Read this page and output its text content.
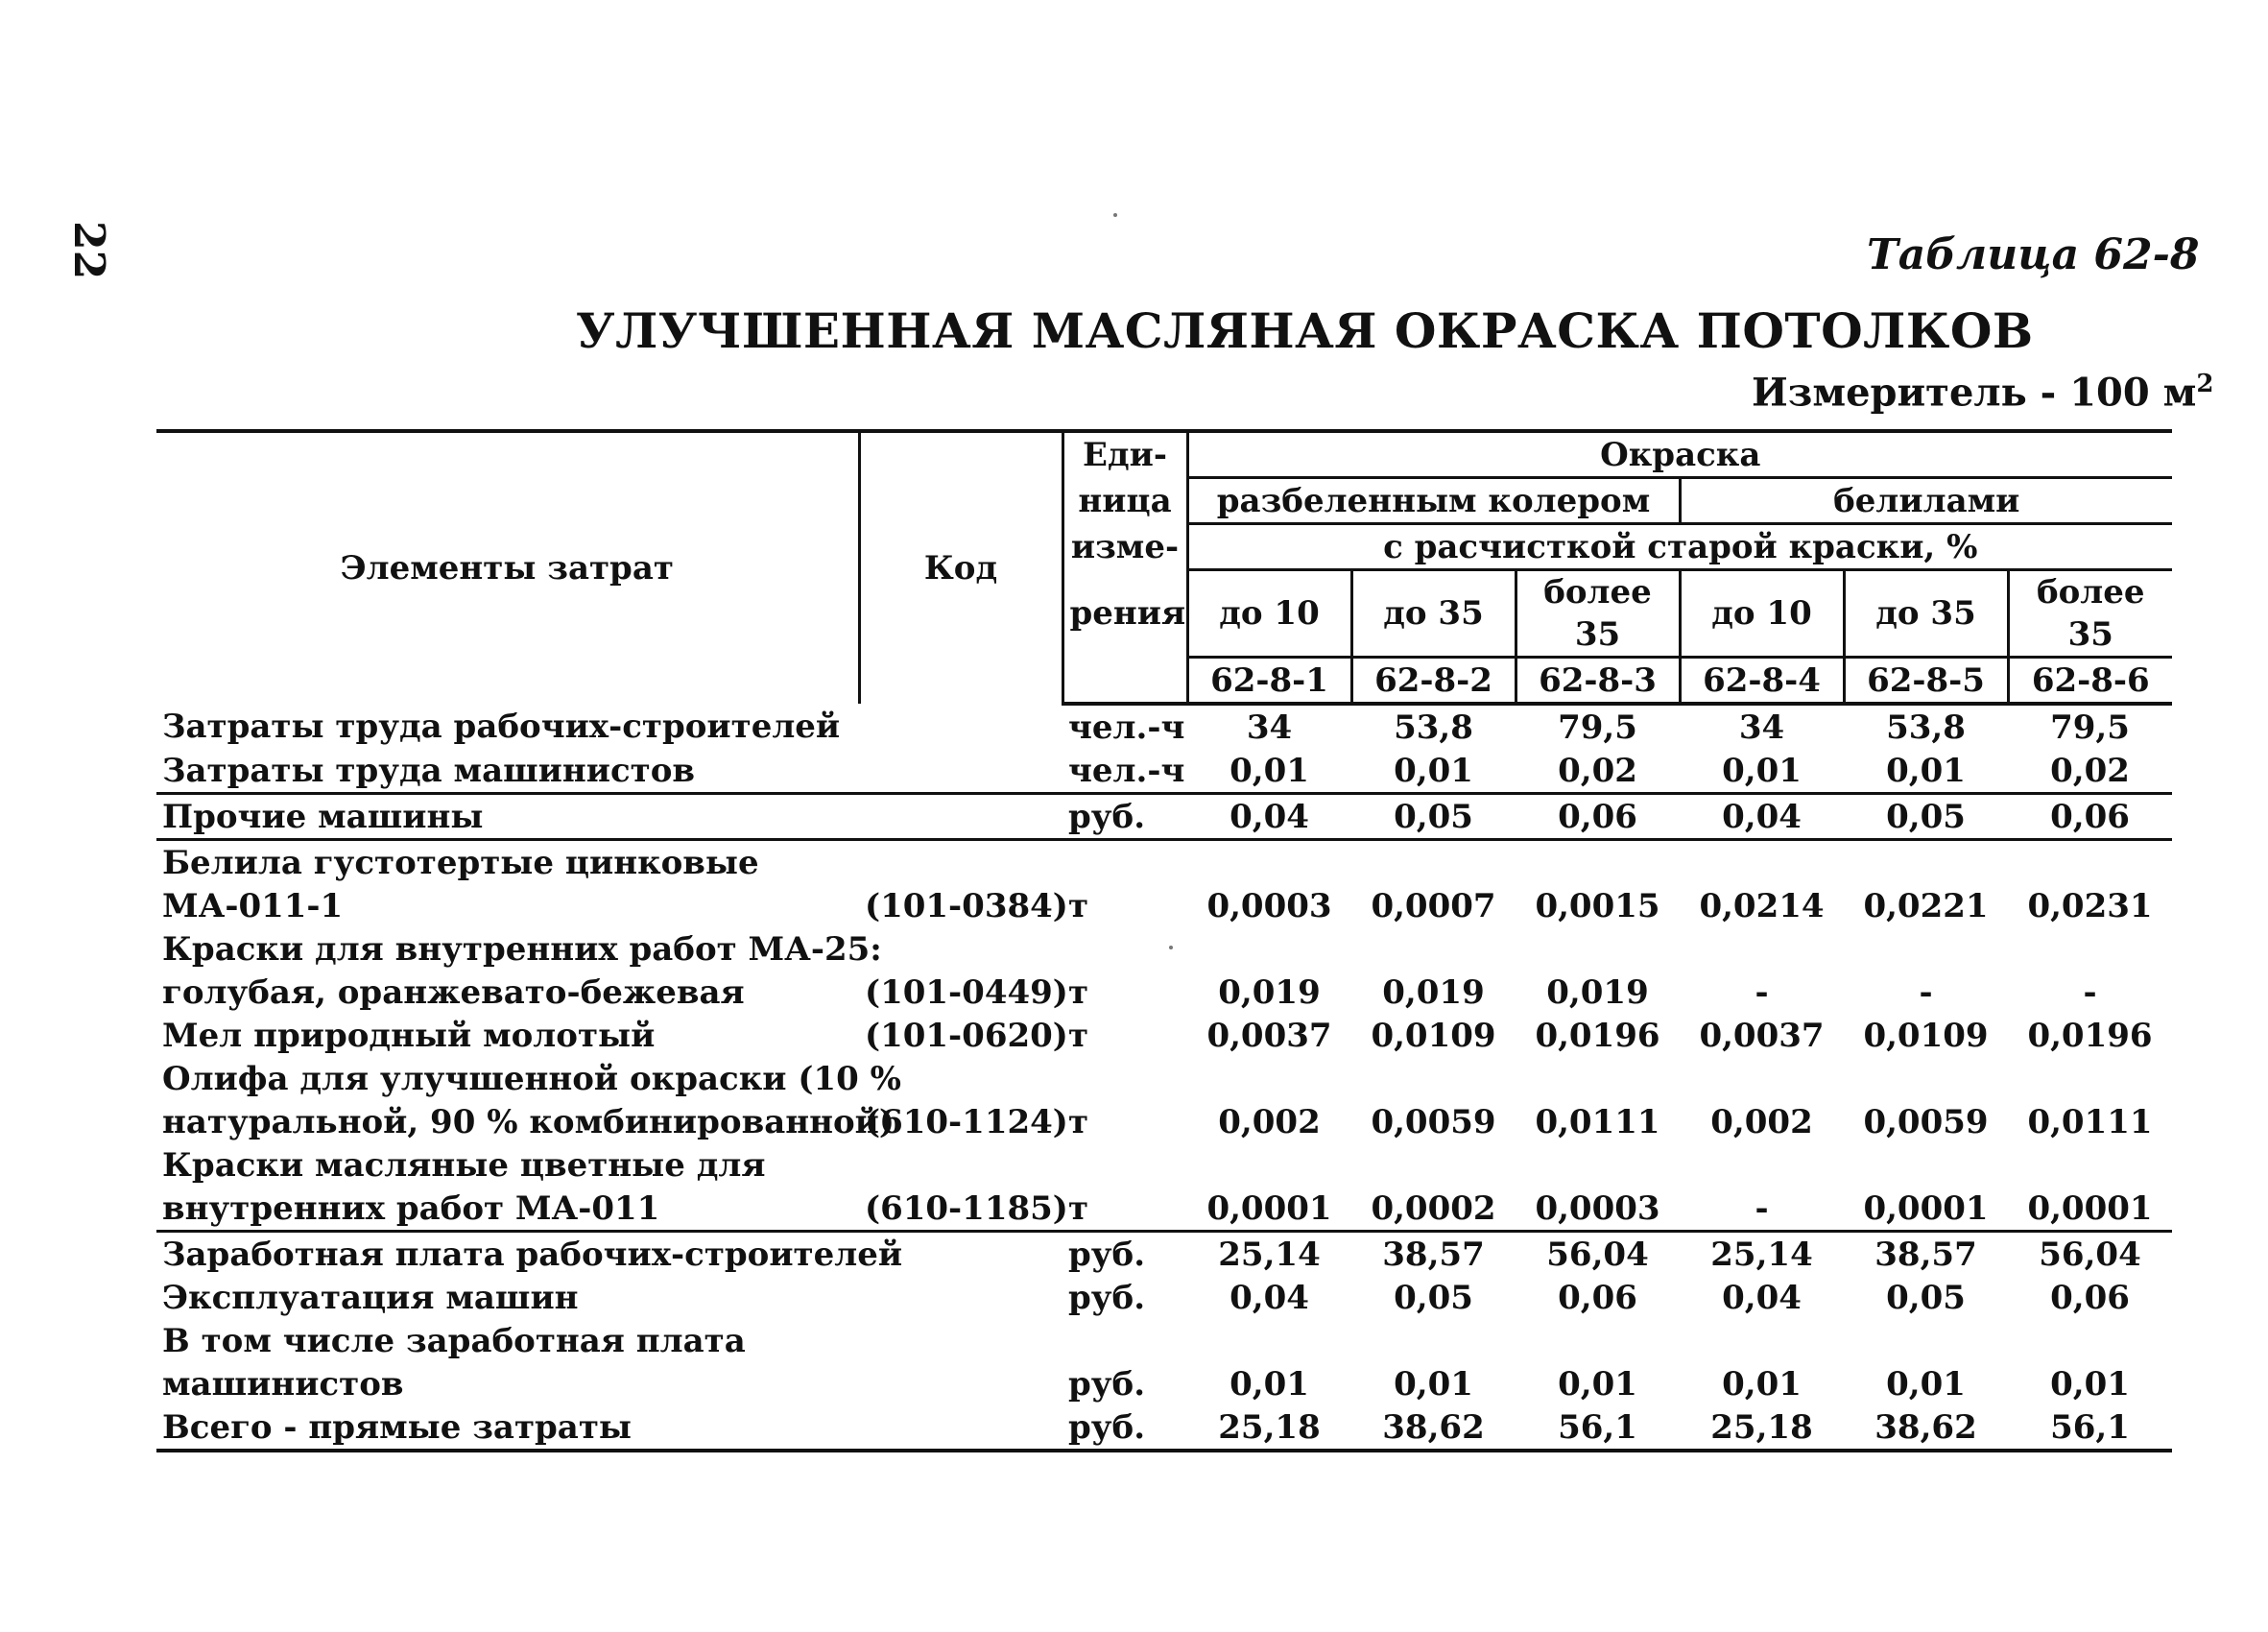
22	Таблица 62-8
УЛУЧШЕННАЯ МАСЛЯНАЯ ОКРАСКА ПОТОЛКОВ
Измеритель - 100 $м^2$
Элементы затрат	Код	Еди-	Окраска					
		ница	разбеленным колером			белилами		
		изме-	с расчисткой старой краски, %					
		рения	до 10	до 35	более 35	до 10	до 35	более 35
			62-8-1	62-8-2	62-8-3	62-8-4	62-8-5	62-8-6
Затраты труда рабочих-строителей		чел.-ч	34	53,8	79,5	34	53,8	79,5
Затраты труда машинистов		чел.-ч	0,01	0,01	0,02	0,01	0,01	0,02
Прочие машины		руб.	0,04	0,05	0,06	0,04	0,05	0,06
Белила густотертые цинковые								
МА-011-1	(101-0384)	т	0,0003	0,0007	0,0015	0,0214	0,0221	0,0231
Краски для внутренних работ МА-25:								
голубая, оранжевато-бежевая	(101-0449)	т	0,019	0,019	0,019	-	-	-
Мел природный молотый	(101-0620)	т	0,0037	0,0109	0,0196	0,0037	0,0109	0,0196
Олифа для улучшенной окраски (10 %								
натуральной, 90 % комбинированной)	(610-1124)	т	0,002	0,0059	0,0111	0,002	0,0059	0,0111
Краски масляные цветные для								
внутренних работ МА-011	(610-1185)	т	0,0001	0,0002	0,0003	-	0,0001	0,0001
Заработная плата рабочих-строителей		руб.	25,14	38,57	56,04	25,14	38,57	56,04
Эксплуатация машин		руб.	0,04	0,05	0,06	0,04	0,05	0,06
В том числе заработная плата								
машинистов		руб.	0,01	0,01	0,01	0,01	0,01	0,01
Всего - прямые затраты		руб.	25,18	38,62	56,1	25,18	38,62	56,1
